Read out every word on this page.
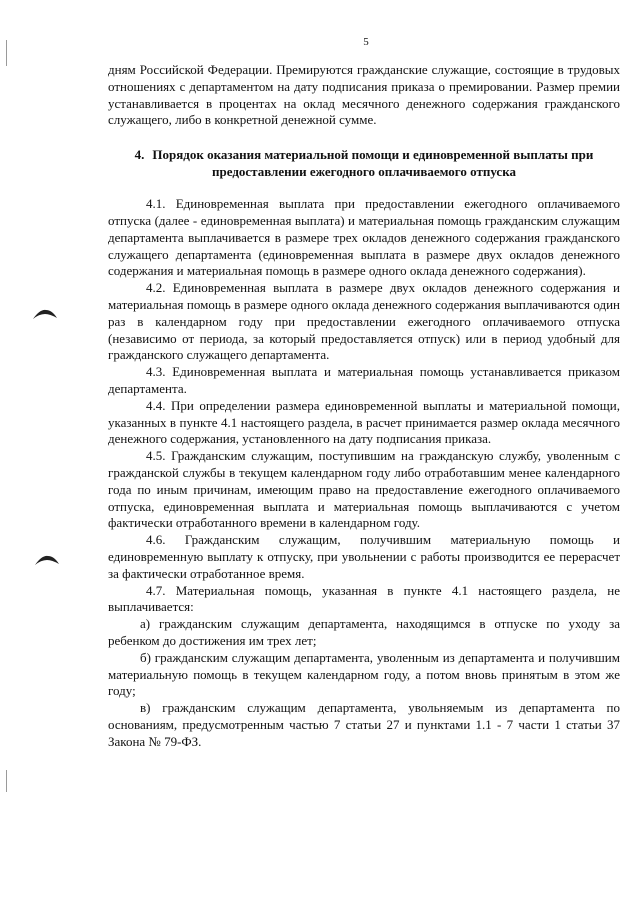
5

дням Российской Федерации. Премируются гражданские служащие, состоящие в трудовых отношениях с департаментом на дату подписания приказа о премировании. Размер премии устанавливается в процентах на оклад месячного денежного содержания гражданского служащего, либо в конкретной денежной сумме.

4. Порядок оказания материальной помощи и единовременной выплаты при предоставлении ежегодного оплачиваемого отпуска

4.1. Единовременная выплата при предоставлении ежегодного оплачиваемого отпуска (далее - единовременная выплата) и материальная помощь гражданским служащим департамента выплачивается в размере трех окладов денежного содержания гражданского служащего департамента (единовременная выплата в размере двух окладов денежного содержания и материальная помощь в размере одного оклада денежного содержания).

4.2. Единовременная выплата в размере двух окладов денежного содержания и материальная помощь в размере одного оклада денежного содержания выплачиваются один раз в календарном году при предоставлении ежегодного оплачиваемого отпуска (независимо от периода, за который предоставляется отпуск) или в период удобный для гражданского служащего департамента.

4.3. Единовременная выплата и материальная помощь устанавливается приказом департамента.

4.4. При определении размера единовременной выплаты и материальной помощи, указанных в пункте 4.1 настоящего раздела, в расчет принимается размер оклада месячного денежного содержания, установленного на дату подписания приказа.

4.5. Гражданским служащим, поступившим на гражданскую службу, уволенным с гражданской службы в текущем календарном году либо отработавшим менее календарного года по иным причинам, имеющим право на предоставление ежегодного оплачиваемого отпуска, единовременная выплата и материальная помощь выплачиваются с учетом фактически отработанного времени в календарном году.

4.6. Гражданским служащим, получившим материальную помощь и единовременную выплату к отпуску, при увольнении с работы производится ее перерасчет за фактически отработанное время.

4.7. Материальная помощь, указанная в пункте 4.1 настоящего раздела, не выплачивается:

а) гражданским служащим департамента, находящимся в отпуске по уходу за ребенком до достижения им трех лет;

б) гражданским служащим департамента, уволенным из департамента и получившим материальную помощь в текущем календарном году, а потом вновь принятым в этом же году;

в) гражданским служащим департамента, увольняемым из департамента по основаниям, предусмотренным частью 7 статьи 27 и пунктами 1.1 - 7 части 1 статьи 37 Закона № 79-ФЗ.
